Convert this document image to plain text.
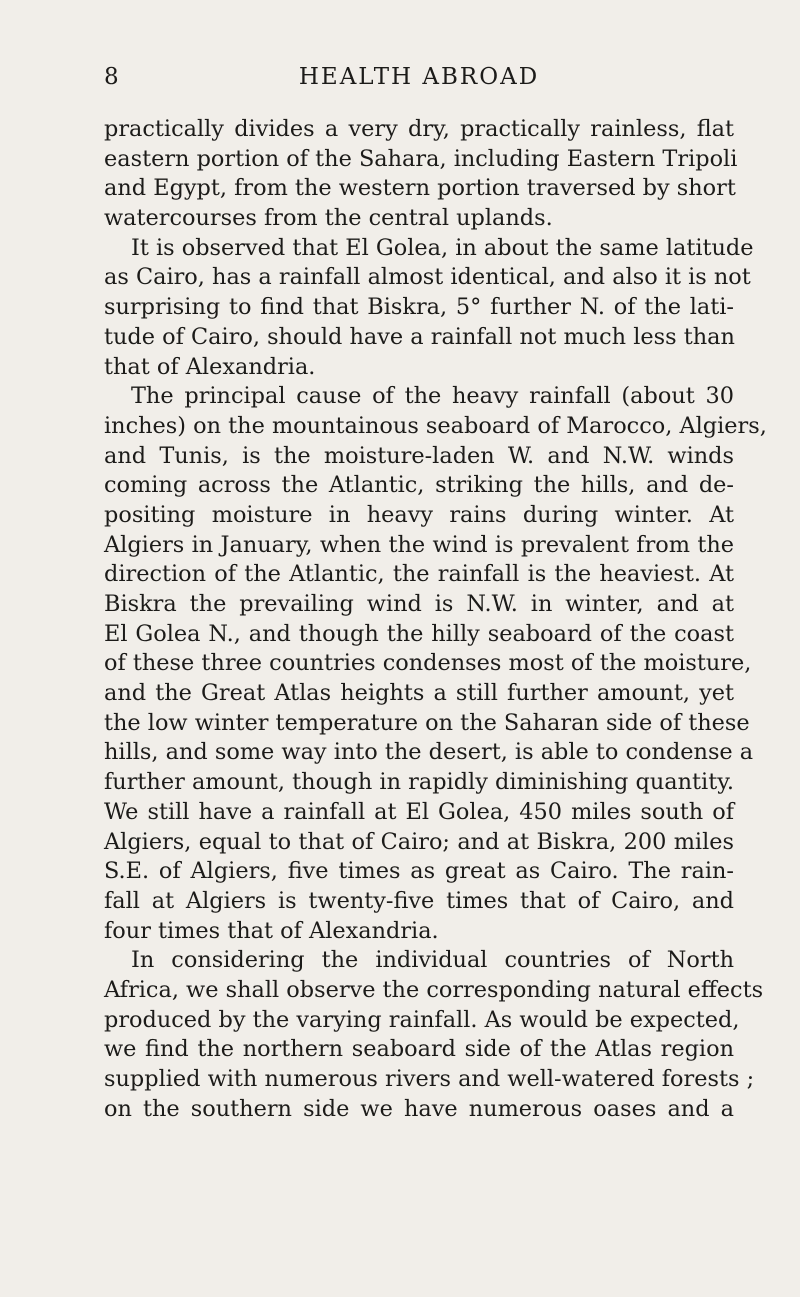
8	HEALTH ABROAD
practically divides a very dry, practically rainless, flat
eastern portion of the Sahara, including Eastern Tripoli
and Egypt, from the western portion traversed by short
watercourses from the central uplands.
It is observed that El Golea, in about the same latitude
as Cairo, has a rainfall almost identical, and also it is not
surprising to find that Biskra, 5° further N. of the lati-
tude of Cairo, should have a rainfall not much less than
that of Alexandria.
The principal cause of the heavy rainfall (about 30
inches) on the mountainous seaboard of Marocco, Algiers,
and Tunis, is the moisture-laden W. and N.W. winds
coming across the Atlantic, striking the hills, and de-
positing moisture in heavy rains during winter. At
Algiers in January, when the wind is prevalent from the
direction of the Atlantic, the rainfall is the heaviest. At
Biskra the prevailing wind is N.W. in winter, and at
El Golea N., and though the hilly seaboard of the coast
of these three countries condenses most of the moisture,
and the Great Atlas heights a still further amount, yet
the low winter temperature on the Saharan side of these
hills, and some way into the desert, is able to condense a
further amount, though in rapidly diminishing quantity.
We still have a rainfall at El Golea, 450 miles south of
Algiers, equal to that of Cairo; and at Biskra, 200 miles
S.E. of Algiers, five times as great as Cairo. The rain-
fall at Algiers is twenty-five times that of Cairo, and
four times that of Alexandria.
In considering the individual countries of North
Africa, we shall observe the corresponding natural effects
produced by the varying rainfall. As would be expected,
we find the northern seaboard side of the Atlas region
supplied with numerous rivers and well-watered forests ;
on the southern side we have numerous oases and a
